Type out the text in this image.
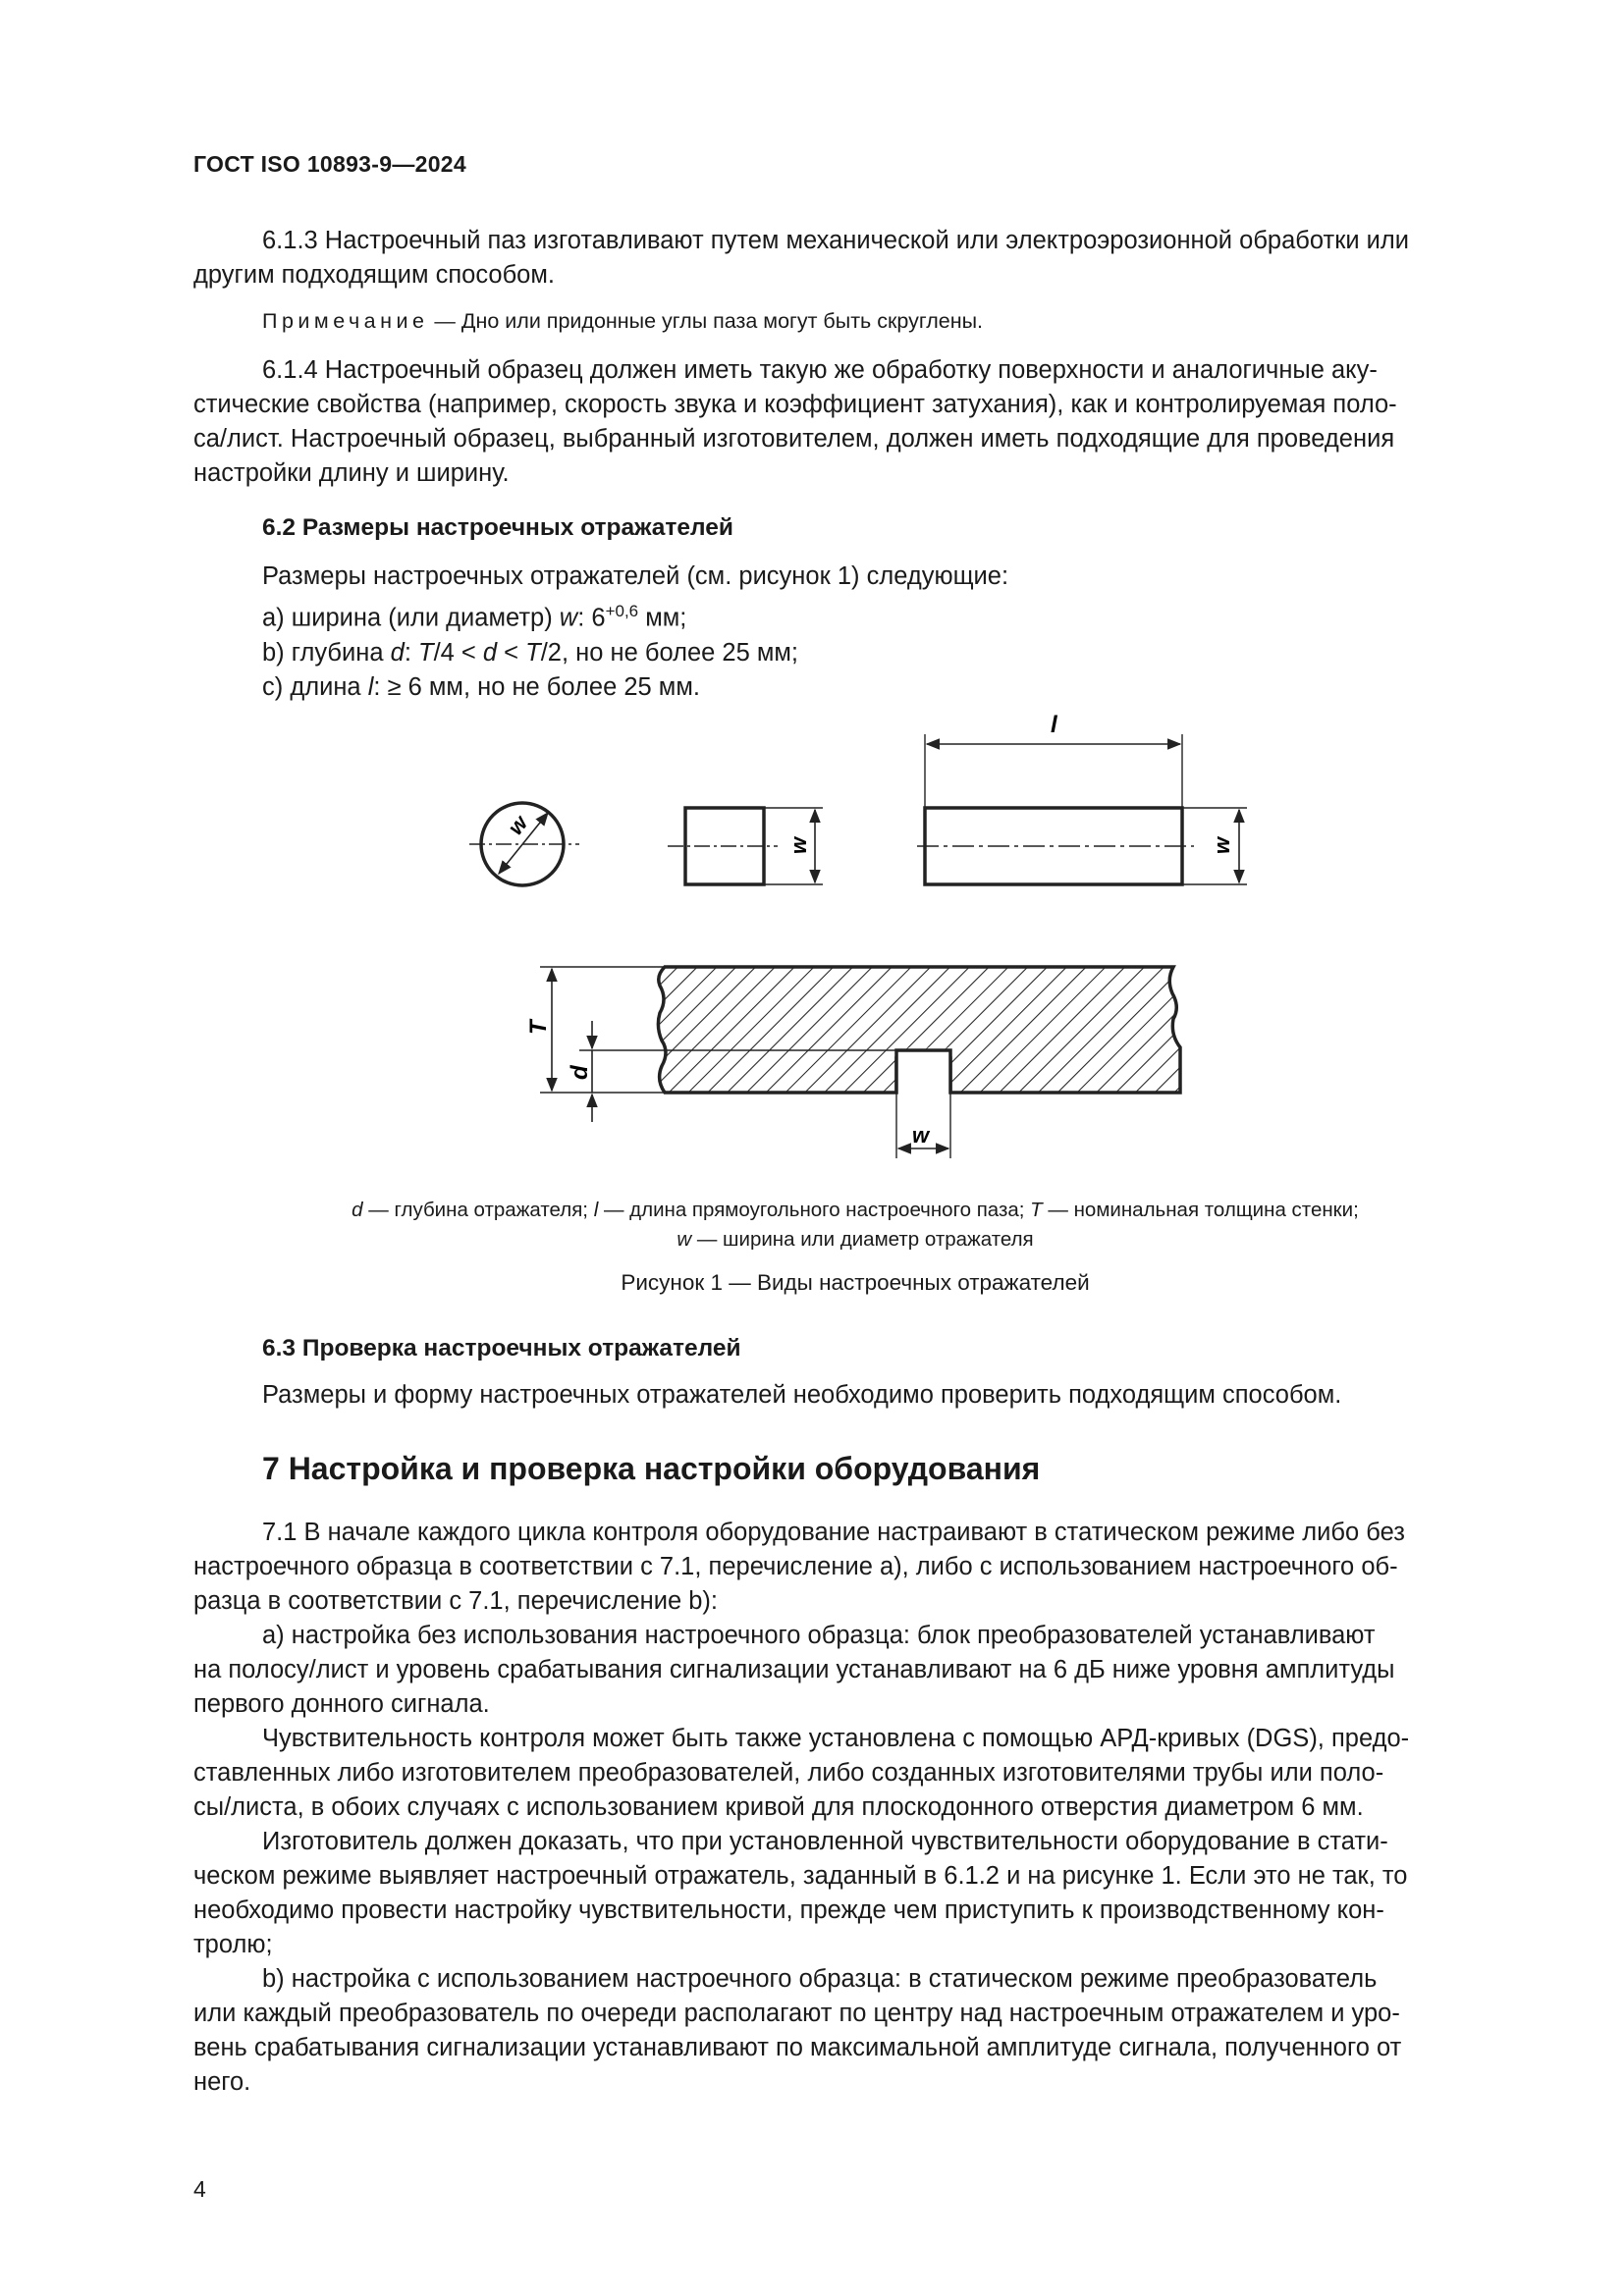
ГОСТ ISO 10893-9—2024

6.1.3 Настроечный паз изготавливают путем механической или электроэрозионной обработки или

другим подходящим способом.

Примечание — Дно или придонные углы паза могут быть скруглены.

6.1.4 Настроечный образец должен иметь такую же обработку поверхности и аналогичные аку-

стические свойства (например, скорость звука и коэффициент затухания), как и контролируемая поло-

са/лист. Настроечный образец, выбранный изготовителем, должен иметь подходящие для проведения

настройки длину и ширину.

6.2 Размеры настроечных отражателей

Размеры настроечных отражателей (см. рисунок 1) следующие:

a) ширина (или диаметр) w: $6^{+0,6}$ мм;

b) глубина d: T/4 < d < T/2, но не более 25 мм;

c) длина l: ≥ 6 мм, но не более 25 мм.

w
w
l
w
T
d
w
d — глубина отражателя; l — длина прямоугольного настроечного паза; T — номинальная толщина стенки;
w — ширина или диаметр отражателя
Рисунок 1 — Виды настроечных отражателей
6.3 Проверка настроечных отражателей

Размеры и форму настроечных отражателей необходимо проверить подходящим способом.

7 Настройка и проверка настройки оборудования

7.1 В начале каждого цикла контроля оборудование настраивают в статическом режиме либо без

настроечного образца в соответствии с 7.1, перечисление a), либо с использованием настроечного об-

разца в соответствии с 7.1, перечисление b):

a) настройка без использования настроечного образца: блок преобразователей устанавливают

на полосу/лист и уровень срабатывания сигнализации устанавливают на 6 дБ ниже уровня амплитуды

первого донного сигнала.

Чувствительность контроля может быть также установлена с помощью АРД-кривых (DGS), предо-

ставленных либо изготовителем преобразователей, либо созданных изготовителями трубы или поло-

сы/листа, в обоих случаях с использованием кривой для плоскодонного отверстия диаметром 6 мм.

Изготовитель должен доказать, что при установленной чувствительности оборудование в стати-

ческом режиме выявляет настроечный отражатель, заданный в 6.1.2 и на рисунке 1. Если это не так, то

необходимо провести настройку чувствительности, прежде чем приступить к производственному кон-

тролю;

b) настройка с использованием настроечного образца: в статическом режиме преобразователь

или каждый преобразователь по очереди располагают по центру над настроечным отражателем и уро-

вень срабатывания сигнализации устанавливают по максимальной амплитуде сигнала, полученного от

него.

4
